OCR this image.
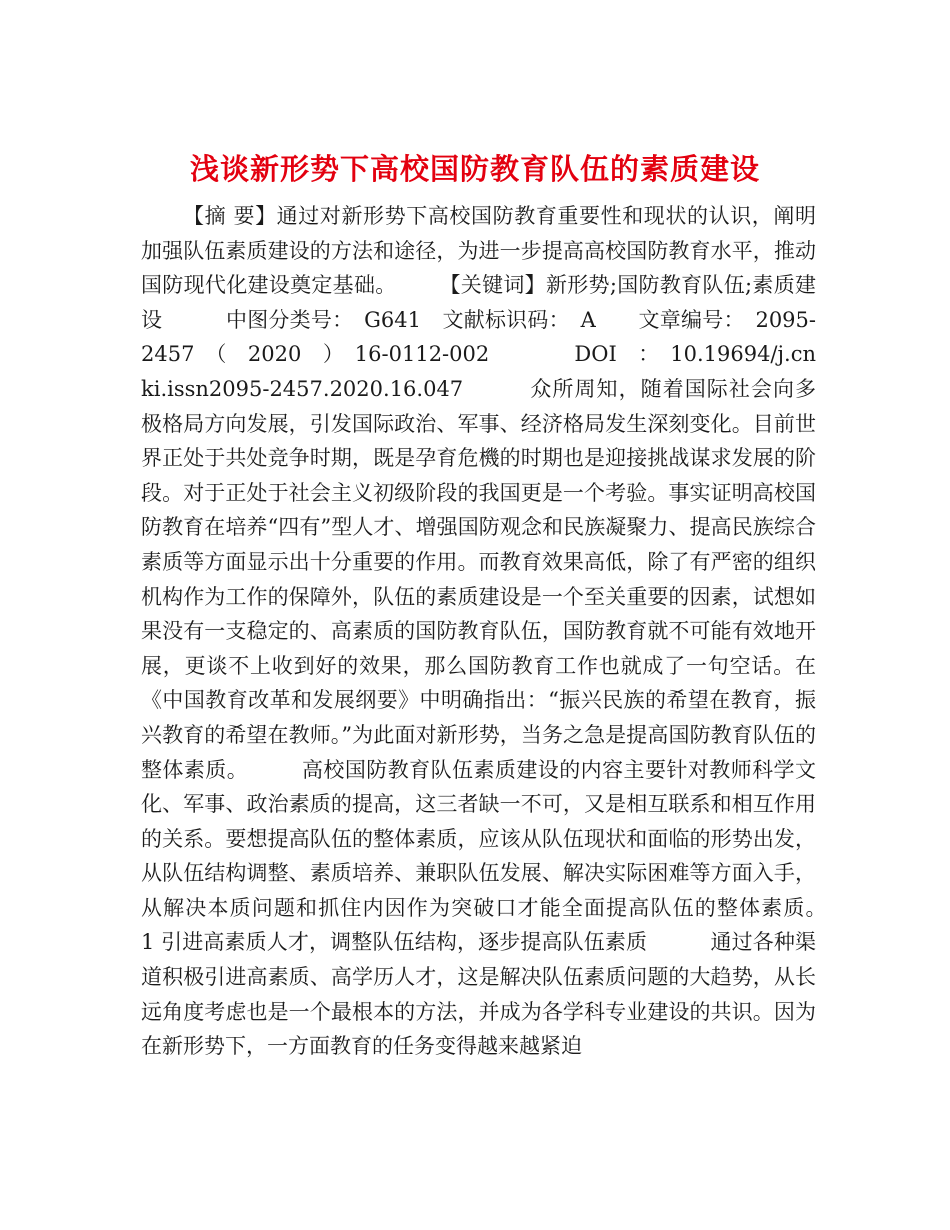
浅谈新形势下高校国防教育队伍的素质建设

【摘 要】通过对新形势下高校国防教育重要性和现状的认识，阐明加强队伍素质建设的方法和途径，为进一步提高高校国防教育水平，推动国防现代化建设奠定基础。　　　【关键词】新形势;国防教育队伍;素质建设　　　中图分类号：　G641　文献标识码：　A　　文章编号：　2095-2457　（　2020　）　16-0112-002　　　　DOI　：　10.19694/j.cnki.issn2095-2457.2020.16.047　　　众所周知，随着国际社会向多极格局方向发展，引发国际政治、军事、经济格局发生深刻变化。目前世界正处于共处竞争时期，既是孕育危機的时期也是迎接挑战谋求发展的阶段。对于正处于社会主义初级阶段的我国更是一个考验。事实证明高校国防教育在培养“四有”型人才、增强国防观念和民族凝聚力、提高民族综合素质等方面显示出十分重要的作用。而教育效果高低，除了有严密的组织机构作为工作的保障外，队伍的素质建设是一个至关重要的因素，试想如果没有一支稳定的、高素质的国防教育队伍，国防教育就不可能有效地开展，更谈不上收到好的效果，那么国防教育工作也就成了一句空话。在《中国教育改革和发展纲要》中明确指出：“振兴民族的希望在教育，振兴教育的希望在教师。”为此面对新形势，当务之急是提高国防教育队伍的整体素质。　　　高校国防教育队伍素质建设的内容主要针对教师科学文化、军事、政治素质的提高，这三者缺一不可，又是相互联系和相互作用的关系。要想提高队伍的整体素质，应该从队伍现状和面临的形势出发，从队伍结构调整、素质培养、兼职队伍发展、解决实际困难等方面入手，从解决本质问题和抓住内因作为突破口才能全面提高队伍的整体素质。　　　1 引进高素质人才，调整队伍结构，逐步提高队伍素质　　　通过各种渠道积极引进高素质、高学历人才，这是解决队伍素质问题的大趋势，从长远角度考虑也是一个最根本的方法，并成为各学科专业建设的共识。因为在新形势下，一方面教育的任务变得越来越紧迫
